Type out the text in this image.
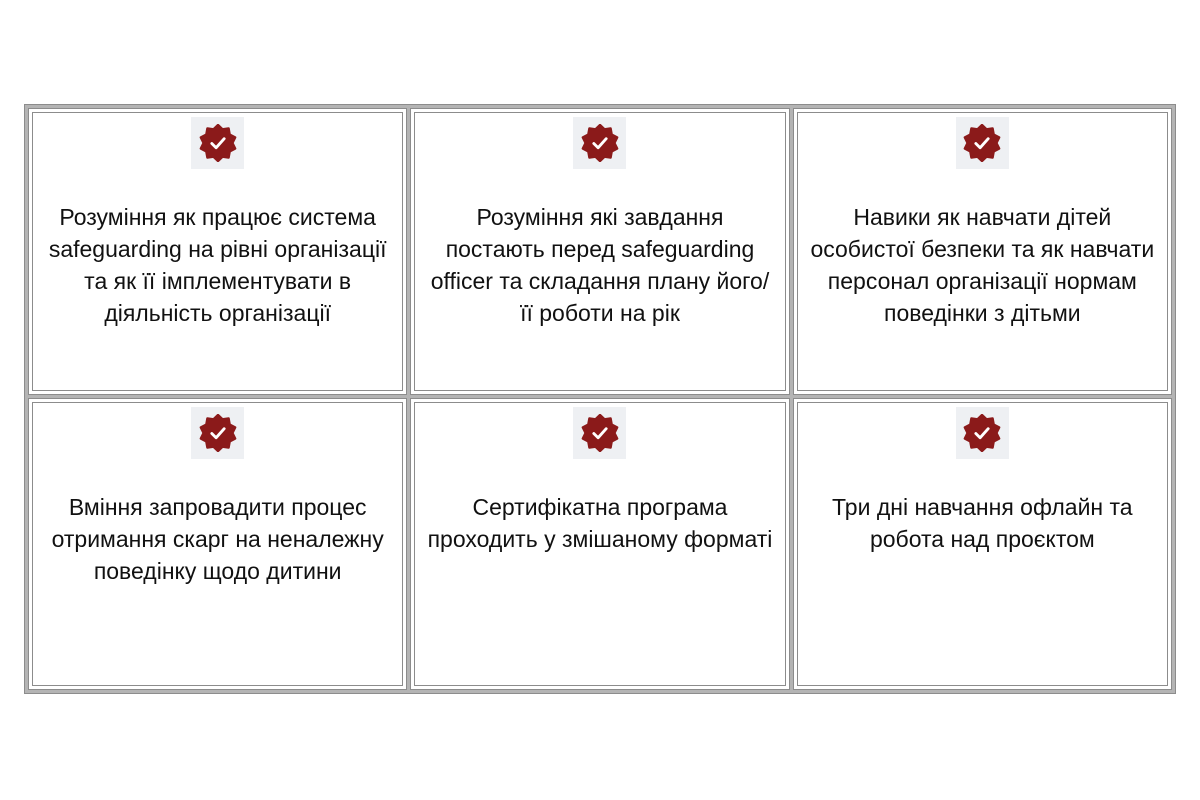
Розуміння як працює система safeguarding на рівні організації та як її імплементувати в діяльність організації
Розуміння які завдання постають перед safeguarding officer та складання плану його/її роботи на рік
Навики як навчати дітей особистої безпеки та як навчати персонал організації нормам поведінки з дітьми
Вміння запровадити процес отримання скарг на неналежну поведінку щодо дитини
Сертифікатна програма проходить у змішаному форматі
Три дні навчання офлайн та робота над проєктом
